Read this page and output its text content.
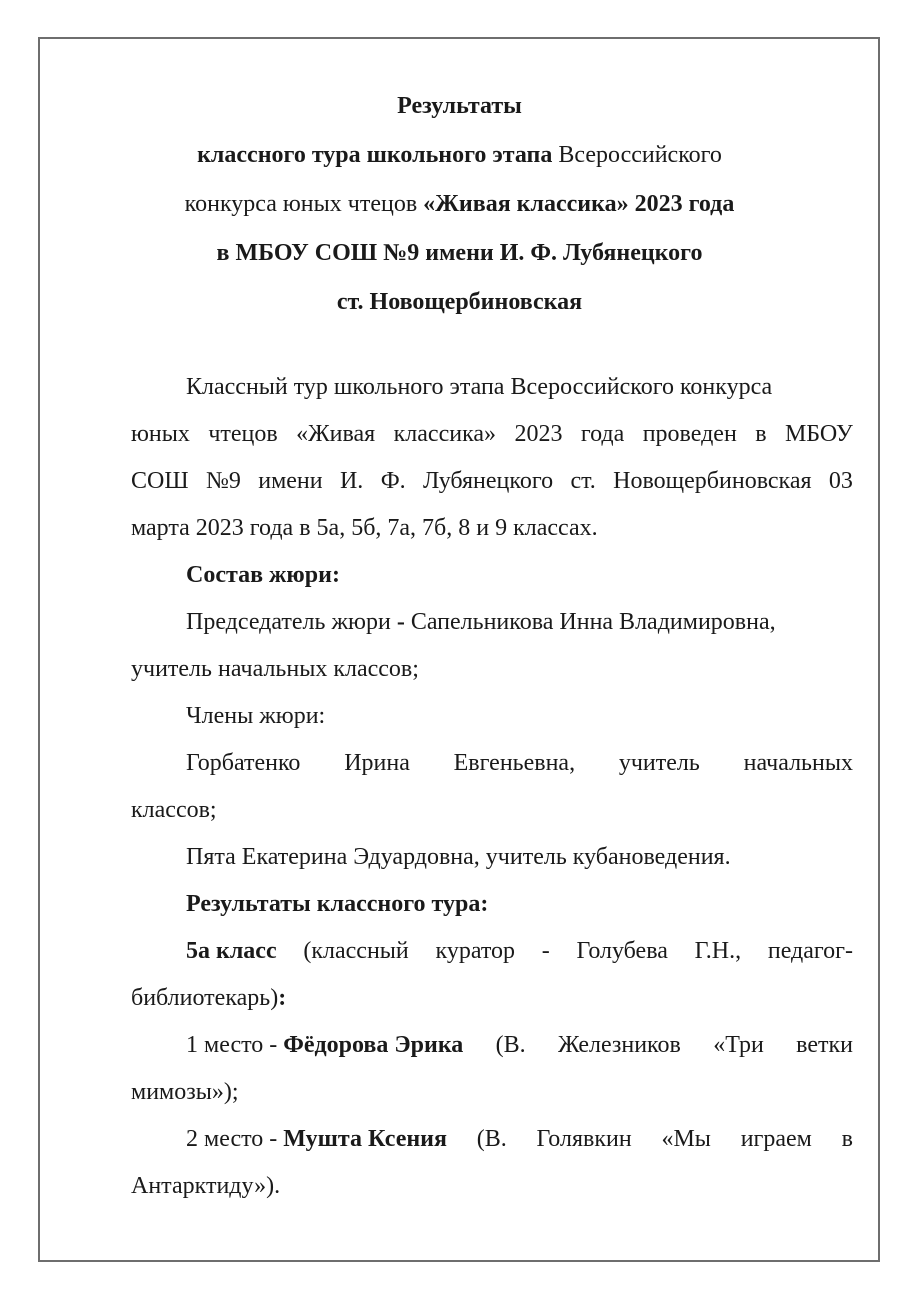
Результаты
классного тура школьного этапа Всероссийского
конкурса юных чтецов «Живая классика» 2023 года
в МБОУ СОШ №9 имени И. Ф. Лубянецкого
ст. Новощербиновская
Классный тур школьного этапа Всероссийского конкурса
юных чтецов «Живая классика» 2023 года проведен в МБОУ
СОШ №9 имени И. Ф. Лубянецкого ст. Новощербиновская 03
марта 2023 года в 5а, 5б, 7а, 7б, 8 и 9 классах.
Состав жюри:
Председатель жюри - Сапельникова Инна Владимировна,
учитель начальных классов;
Члены жюри:
Горбатенко Ирина Евгеньевна, учитель начальных
классов;
Пята Екатерина Эдуардовна, учитель кубановедения.
Результаты классного тура:
5а класс (классный куратор - Голубева Г.Н., педагог-
библиотекарь):
1 место - Фёдорова Эрика (В. Железников «Три ветки
мимозы»);
2 место - Мушта Ксения (В. Голявкин «Мы играем в
Антарктиду»).
